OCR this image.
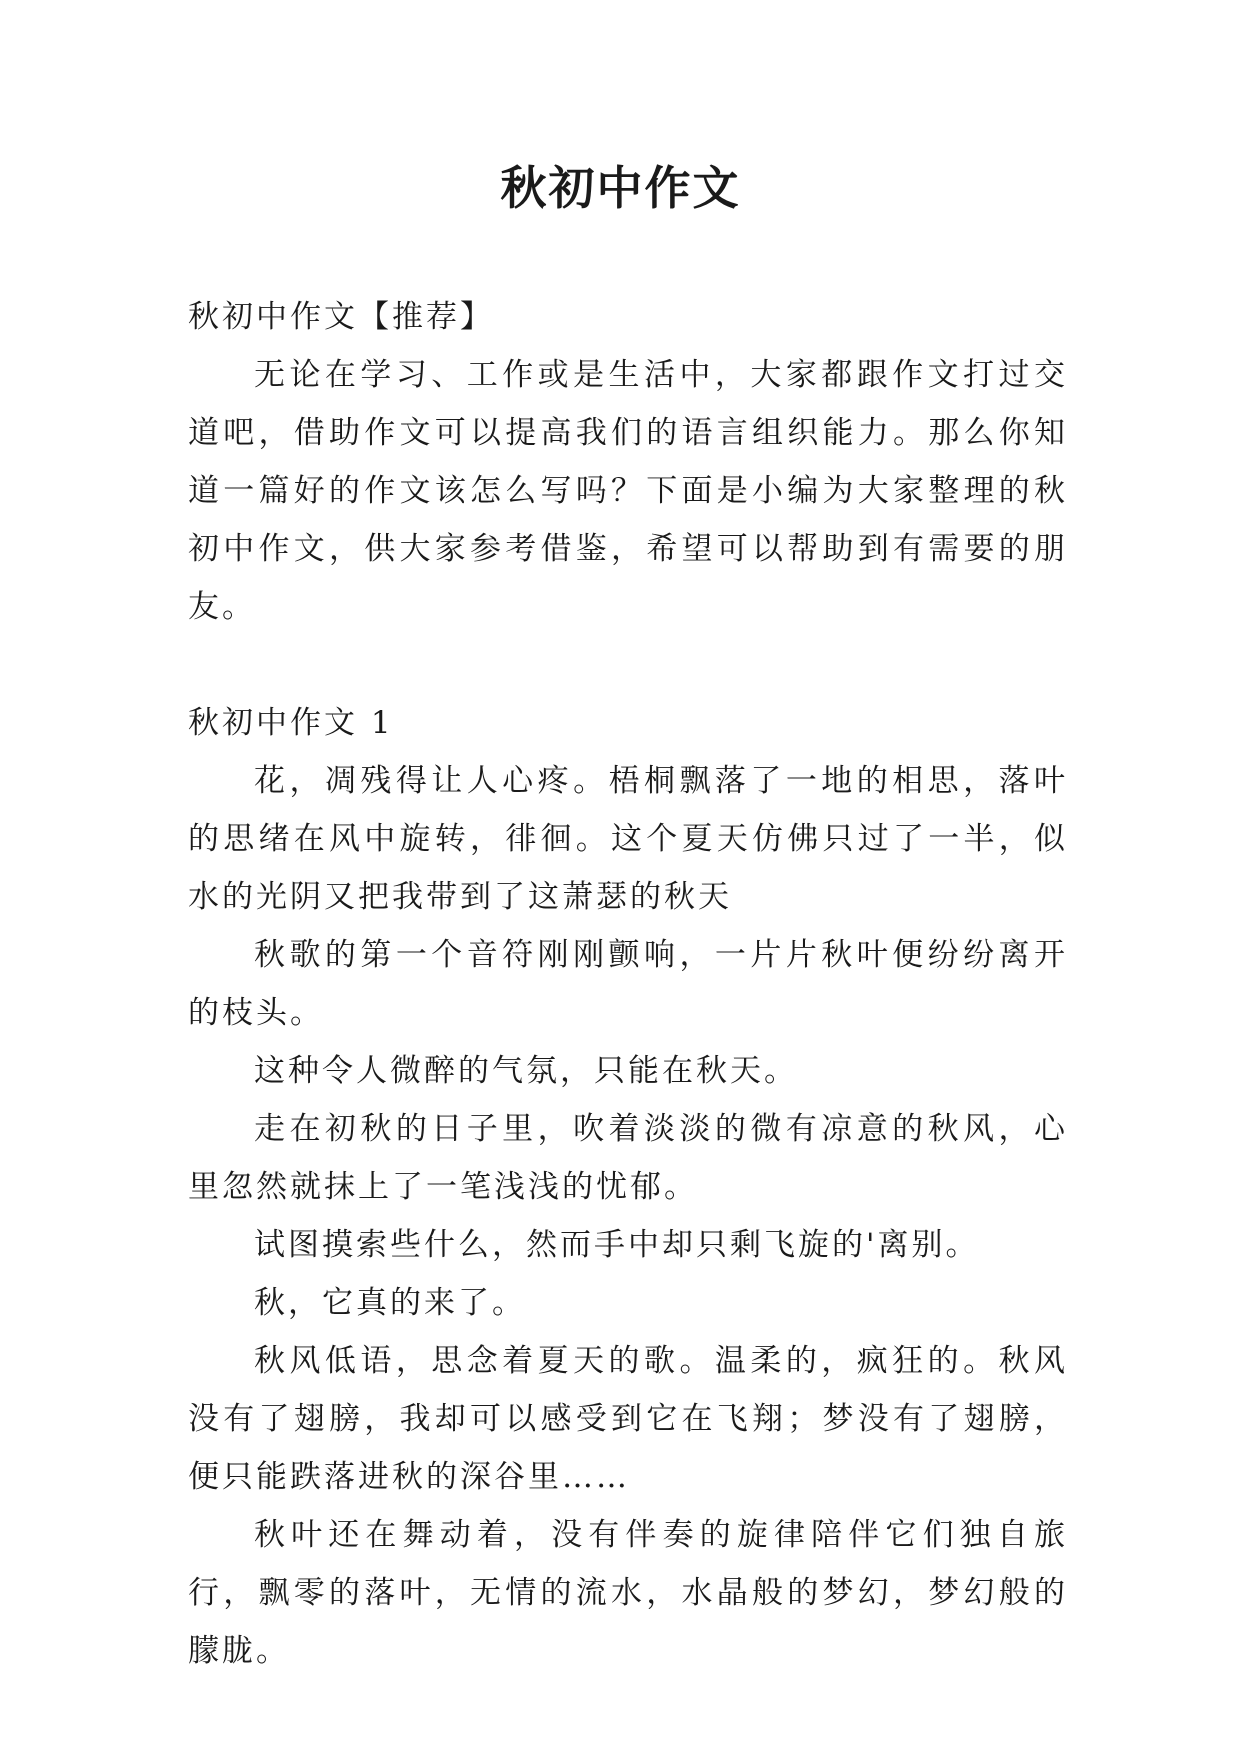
秋初中作文

秋初中作文【推荐】

无论在学习、工作或是生活中，大家都跟作文打过交道吧，借助作文可以提高我们的语言组织能力。那么你知道一篇好的作文该怎么写吗？下面是小编为大家整理的秋初中作文，供大家参考借鉴，希望可以帮助到有需要的朋友。

秋初中作文 1

花，凋残得让人心疼。梧桐飘落了一地的相思，落叶的思绪在风中旋转，徘徊。这个夏天仿佛只过了一半，似水的光阴又把我带到了这萧瑟的秋天

秋歌的第一个音符刚刚颤响，一片片秋叶便纷纷离开的枝头。

这种令人微醉的气氛，只能在秋天。

走在初秋的日子里，吹着淡淡的微有凉意的秋风，心里忽然就抹上了一笔浅浅的忧郁。

试图摸索些什么，然而手中却只剩飞旋的'离别。

秋，它真的来了。

秋风低语，思念着夏天的歌。温柔的，疯狂的。秋风没有了翅膀，我却可以感受到它在飞翔；梦没有了翅膀，便只能跌落进秋的深谷里……

秋叶还在舞动着，没有伴奏的旋律陪伴它们独自旅行，飘零的落叶，无情的流水，水晶般的梦幻，梦幻般的朦胧。
